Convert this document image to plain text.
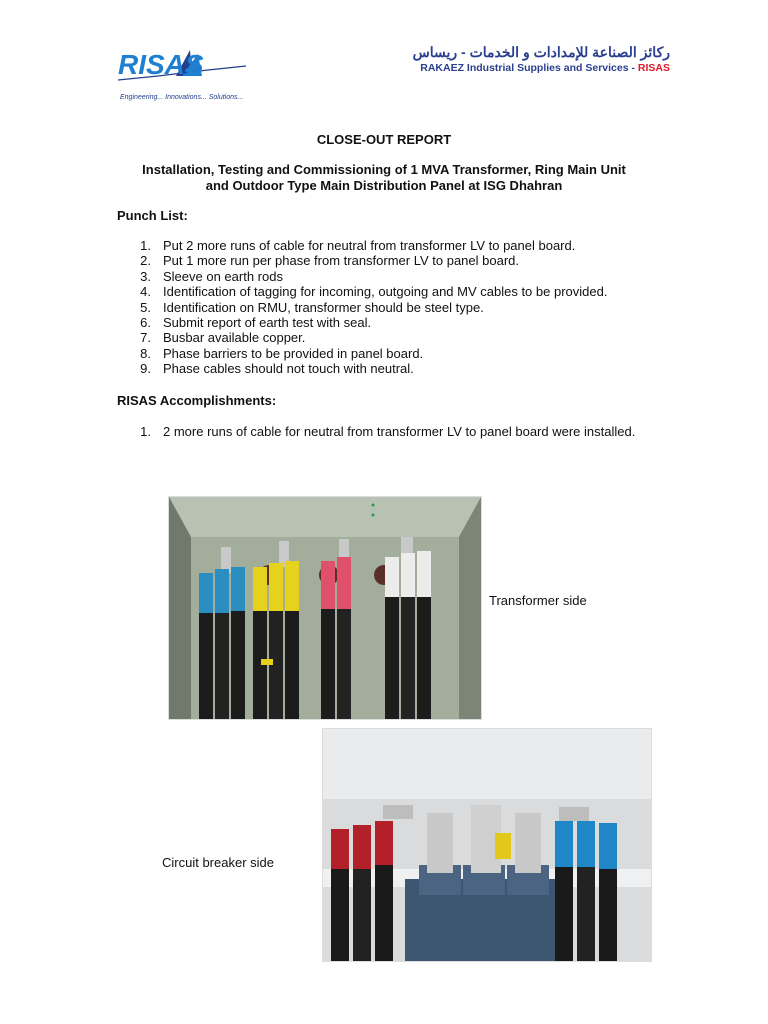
RISAS
Engineering... Innovations... Solutions...
ركائز الصناعة للإمدادات و الخدمات - ريساس
RAKAEZ Industrial Supplies and Services - RISAS
CLOSE-OUT REPORT
Installation, Testing and Commissioning of 1 MVA Transformer, Ring Main Unit
and Outdoor Type Main Distribution Panel at ISG Dhahran
Punch List:
1. Put 2 more runs of cable for neutral from transformer LV to panel board.
2. Put 1 more run per phase from transformer LV to panel board.
3. Sleeve on earth rods
4. Identification of tagging for incoming, outgoing and MV cables to be provided.
5. Identification on RMU, transformer should be steel type.
6. Submit report of earth test with seal.
7. Busbar available copper.
8. Phase barriers to be provided in panel board.
9. Phase cables should not touch with neutral.
RISAS Accomplishments:
1. 2 more runs of cable for neutral from transformer LV to panel board were installed.
Transformer side
Circuit breaker side
